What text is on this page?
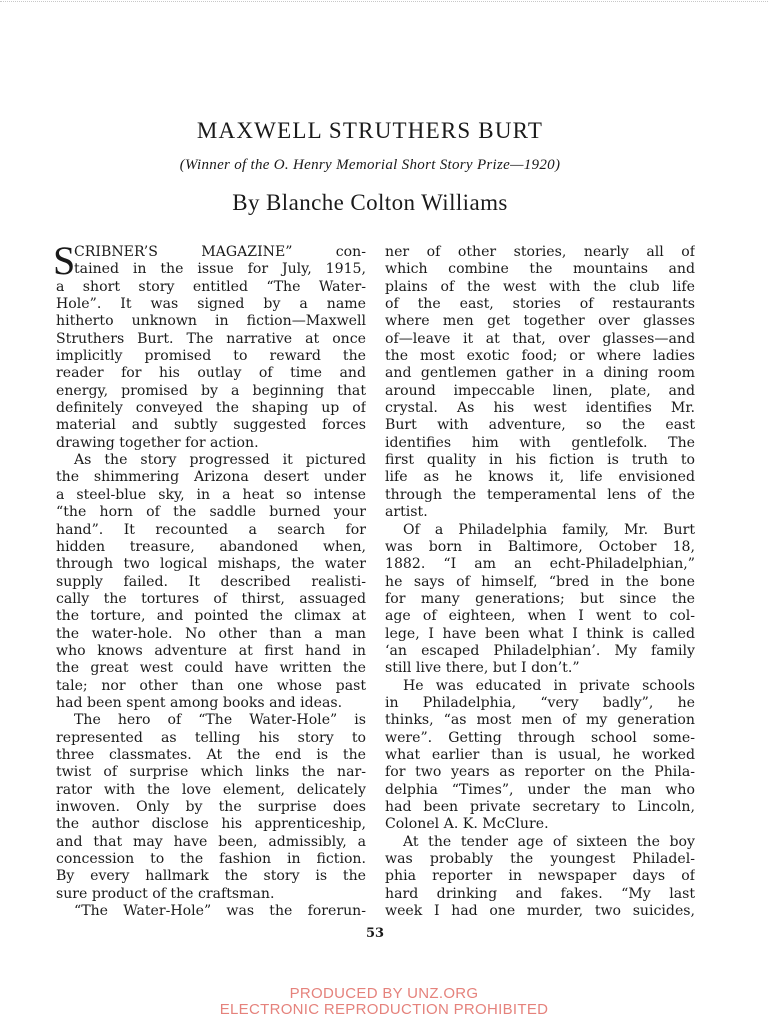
MAXWELL STRUTHERS BURT
(Winner of the O. Henry Memorial Short Story Prize—1920)
By Blanche Colton Williams
S
CRIBNER’S MAGAZINE” con-
tained in the issue for July, 1915,
a short story entitled “The Water-
Hole”. It was signed by a name
hitherto unknown in fiction—Maxwell
Struthers Burt. The narrative at once
implicitly promised to reward the
reader for his outlay of time and
energy, promised by a beginning that
definitely conveyed the shaping up of
material and subtly suggested forces
drawing together for action.
As the story progressed it pictured
the shimmering Arizona desert under
a steel-blue sky, in a heat so intense
“the horn of the saddle burned your
hand”. It recounted a search for
hidden treasure, abandoned when,
through two logical mishaps, the water
supply failed. It described realisti-
cally the tortures of thirst, assuaged
the torture, and pointed the climax at
the water-hole. No other than a man
who knows adventure at first hand in
the great west could have written the
tale; nor other than one whose past
had been spent among books and ideas.
The hero of “The Water-Hole” is
represented as telling his story to
three classmates. At the end is the
twist of surprise which links the nar-
rator with the love element, delicately
inwoven. Only by the surprise does
the author disclose his apprenticeship,
and that may have been, admissibly, a
concession to the fashion in fiction.
By every hallmark the story is the
sure product of the craftsman.
“The Water-Hole” was the forerun-
ner of other stories, nearly all of
which combine the mountains and
plains of the west with the club life
of the east, stories of restaurants
where men get together over glasses
of—leave it at that, over glasses—and
the most exotic food; or where ladies
and gentlemen gather in a dining room
around impeccable linen, plate, and
crystal. As his west identifies Mr.
Burt with adventure, so the east
identifies him with gentlefolk. The
first quality in his fiction is truth to
life as he knows it, life envisioned
through the temperamental lens of the
artist.
Of a Philadelphia family, Mr. Burt
was born in Baltimore, October 18,
1882. “I am an echt-Philadelphian,”
he says of himself, “bred in the bone
for many generations; but since the
age of eighteen, when I went to col-
lege, I have been what I think is called
‘an escaped Philadelphian’. My family
still live there, but I don’t.”
He was educated in private schools
in Philadelphia, “very badly”, he
thinks, “as most men of my generation
were”. Getting through school some-
what earlier than is usual, he worked
for two years as reporter on the Phila-
delphia “Times”, under the man who
had been private secretary to Lincoln,
Colonel A. K. McClure.
At the tender age of sixteen the boy
was probably the youngest Philadel-
phia reporter in newspaper days of
hard drinking and fakes. “My last
week I had one murder, two suicides,
53
PRODUCED BY UNZ.ORG
ELECTRONIC REPRODUCTION PROHIBITED
